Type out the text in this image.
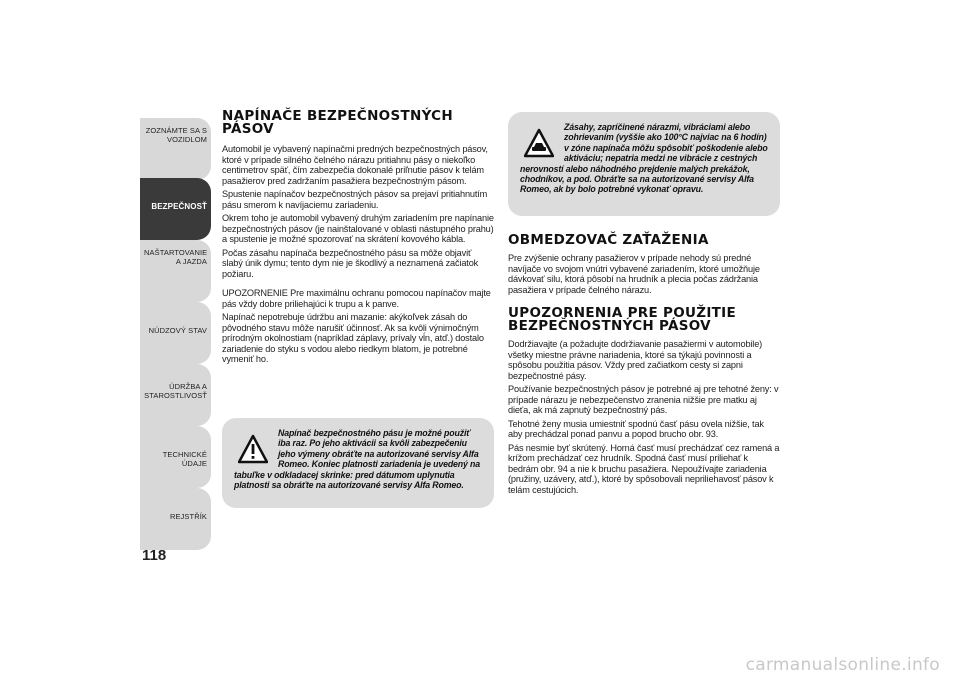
ZOZNÁMTE SA S VOZIDLOM
BEZPEČNOSŤ
NAŠTARTOVANIE A JAZDA
NÚDZOVÝ STAV
ÚDRŽBA A STAROSTLIVOSŤ
TECHNICKÉ ÚDAJE
REJSTŘÍK
118
NAPÍNAČE BEZPEČNOSTNÝCH PÁSOV

Automobil je vybavený napínačmi predných bezpečnostných pásov, ktoré v prípade silného čelného nárazu pritiahnu pásy o niekoľko centimetrov späť, čím zabezpečia dokonalé priľnutie pásov k telám pasažierov pred zadržaním pasažiera bezpečnostným pásom.

Spustenie napínačov bezpečnostných pásov sa prejaví pritiahnutím pásu smerom k navíjaciemu zariadeniu.

Okrem toho je automobil vybavený druhým zariadením pre napínanie bezpečnostných pásov (je nainštalované v oblasti nástupného prahu) a spustenie je možné spozorovať na skrátení kovového kábla.

Počas zásahu napínača bezpečnostného pásu sa môže objaviť slabý únik dymu; tento dym nie je škodlivý a neznamená začiatok požiaru.

UPOZORNENIE Pre maximálnu ochranu pomocou napínačov majte pás vždy dobre priliehajúci k trupu a k panve.

Napínač nepotrebuje údržbu ani mazanie: akýkoľvek zásah do pôvodného stavu môže narušiť účinnosť. Ak sa kvôli výnimočným prírodným okolnostiam (napríklad záplavy, prívaly vĺn, atď.) dostalo zariadenie do styku s vodou alebo riedkym blatom, je potrebné vymeniť ho.

Napínač bezpečnostného pásu je možné použiť iba raz. Po jeho aktivácii sa kvôli zabezpečeniu jeho výmeny obráťte na autorizované servisy Alfa Romeo. Koniec platnosti zariadenia je uvedený na tabuľke v odkladacej skrinke: pred dátumom uplynutia platnosti sa obráťte na autorizované servisy Alfa Romeo.

Zásahy, zapríčinené nárazmi, vibráciami alebo zohrievaním (vyššie ako 100°C najviac na 6 hodín) v zóne napínača môžu spôsobiť poškodenie alebo aktiváciu; nepatria medzi ne vibrácie z cestných nerovností alebo náhodného prejdenie malých prekážok, chodníkov, a pod. Obráťte sa na autorizované servisy Alfa Romeo, ak by bolo potrebné vykonať opravu.

OBMEDZOVAČ ZAŤAŽENIA

Pre zvýšenie ochrany pasažierov v prípade nehody sú predné navíjače vo svojom vnútri vybavené zariadením, ktoré umožňuje dávkovať silu, ktorá pôsobí na hrudník a plecia počas zádržania pasažiera v prípade čelného nárazu.

UPOZORNENIA PRE POUŽITIE BEZPEČNOSTNÝCH PÁSOV

Dodržiavajte (a požadujte dodržiavanie pasažiermi v automobile) všetky miestne právne nariadenia, ktoré sa týkajú povinnosti a spôsobu použitia pásov. Vždy pred začiatkom cesty si zapni bezpečnostné pásy.

Používanie bezpečnostných pásov je potrebné aj pre tehotné ženy: v prípade nárazu je nebezpečenstvo zranenia nižšie pre matku aj dieťa, ak má zapnutý bezpečnostný pás.

Tehotné ženy musia umiestniť spodnú časť pásu ovela nižšie, tak aby prechádzal ponad panvu a popod brucho obr. 93.

Pás nesmie byť skrútený. Horná časť musí prechádzať cez ramená a krížom prechádzať cez hrudník. Spodná časť musí priliehať k bedrám obr. 94 a nie k bruchu pasažiera. Nepoužívajte zariadenia (pružiny, uzávery, atď.), ktoré by spôsobovali nepriliehavosť pásov k telám cestujúcich.

carmanualsonline.info
